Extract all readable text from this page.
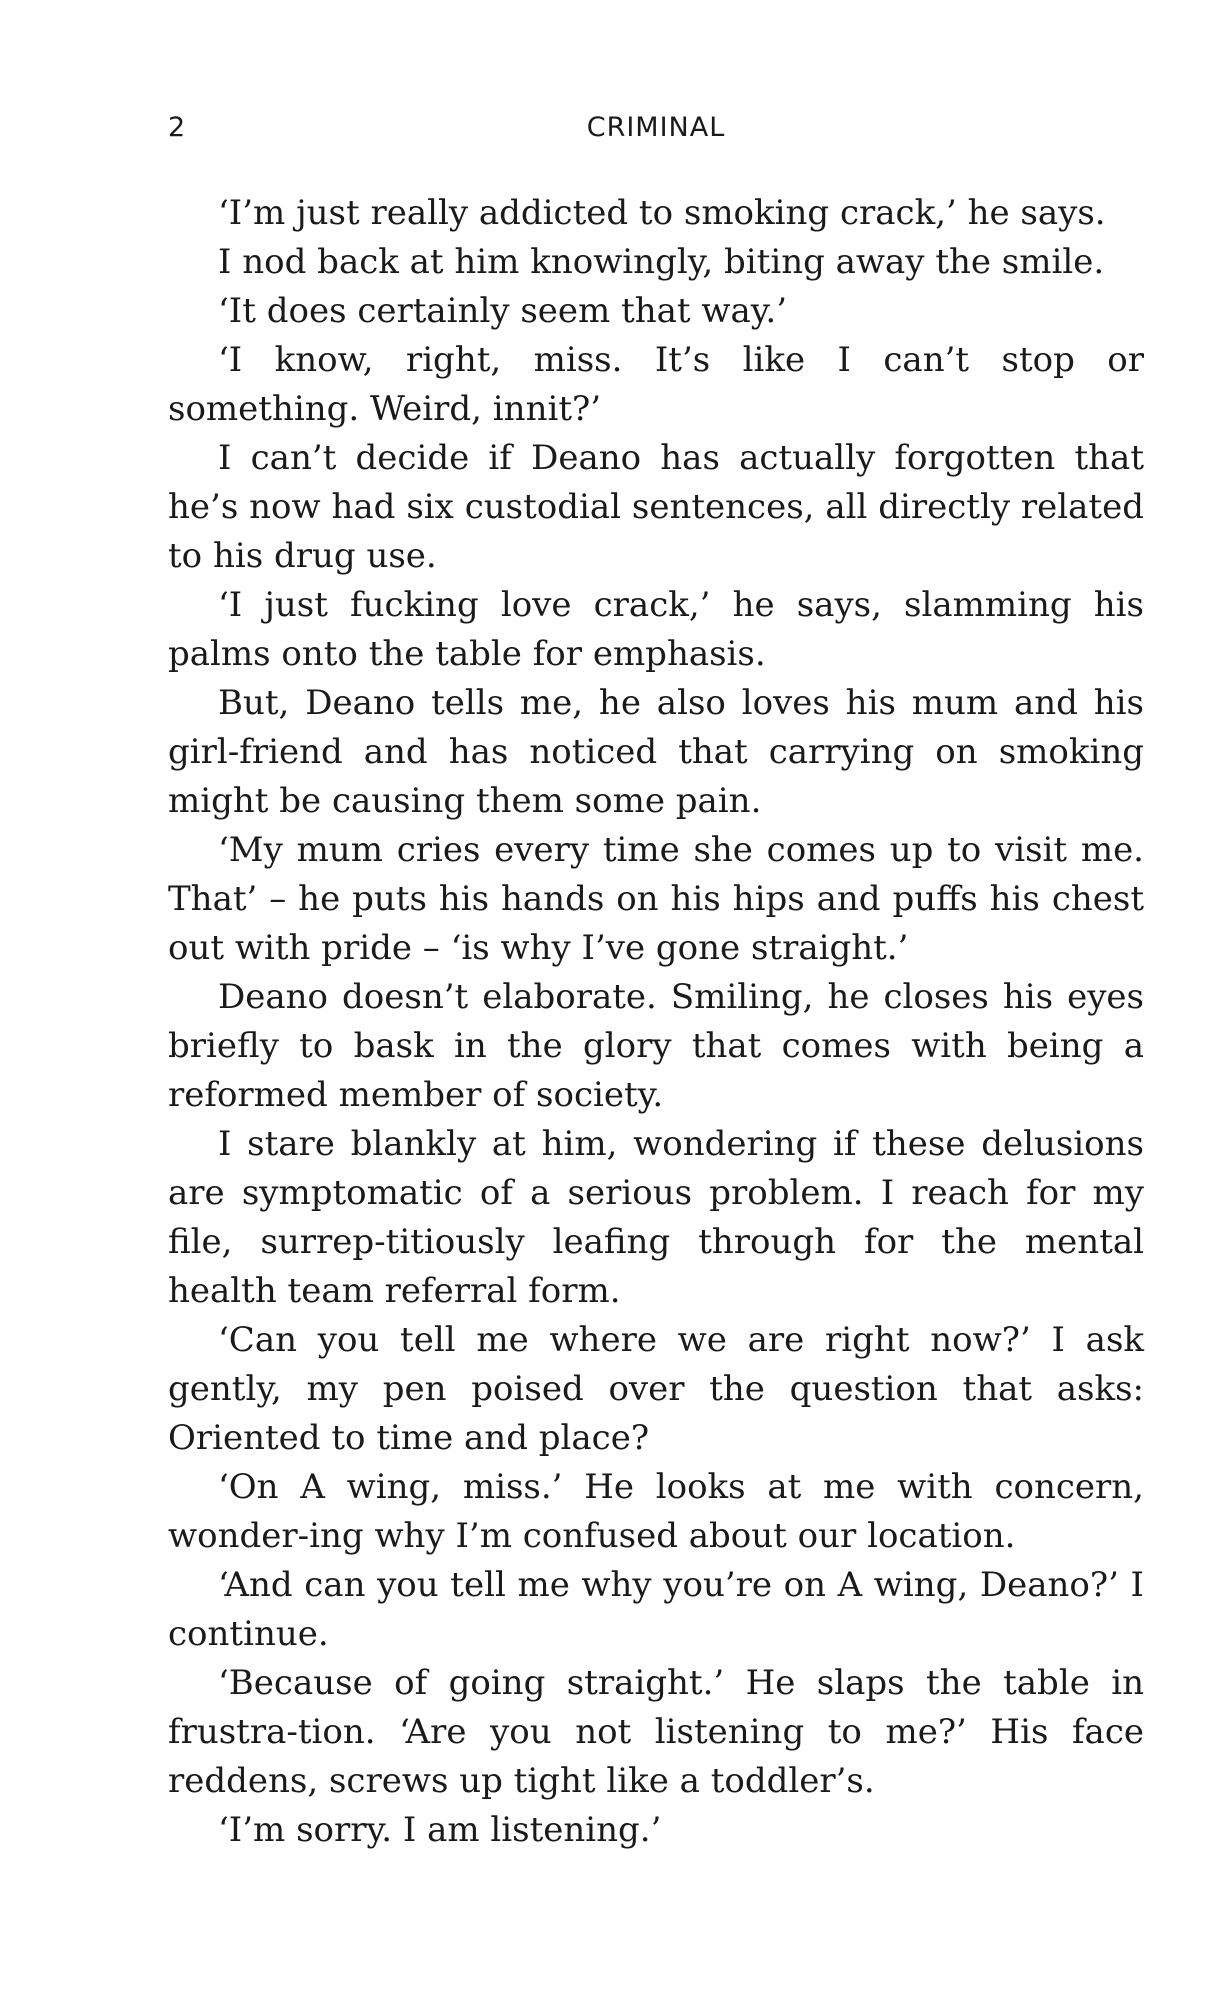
2	CRIMINAL

‘I’m just really addicted to smoking crack,’ he says.

I nod back at him knowingly, biting away the smile.

‘It does certainly seem that way.’

‘I know, right, miss. It’s like I can’t stop or something. Weird, innit?’

I can’t decide if Deano has actually forgotten that he’s now had six custodial sentences, all directly related to his drug use.

‘I just fucking love crack,’ he says, slamming his palms onto the table for emphasis.

But, Deano tells me, he also loves his mum and his girl-friend and has noticed that carrying on smoking might be causing them some pain.

‘My mum cries every time she comes up to visit me. That’ – he puts his hands on his hips and puffs his chest out with pride – ‘is why I’ve gone straight.’

Deano doesn’t elaborate. Smiling, he closes his eyes briefly to bask in the glory that comes with being a reformed member of society.

I stare blankly at him, wondering if these delusions are symptomatic of a serious problem. I reach for my file, surrep-titiously leafing through for the mental health team referral form.

‘Can you tell me where we are right now?’ I ask gently, my pen poised over the question that asks: Oriented to time and place?

‘On A wing, miss.’ He looks at me with concern, wonder-ing why I’m confused about our location.

‘And can you tell me why you’re on A wing, Deano?’ I continue.

‘Because of going straight.’ He slaps the table in frustra-tion. ‘Are you not listening to me?’ His face reddens, screws up tight like a toddler’s.

‘I’m sorry. I am listening.’
